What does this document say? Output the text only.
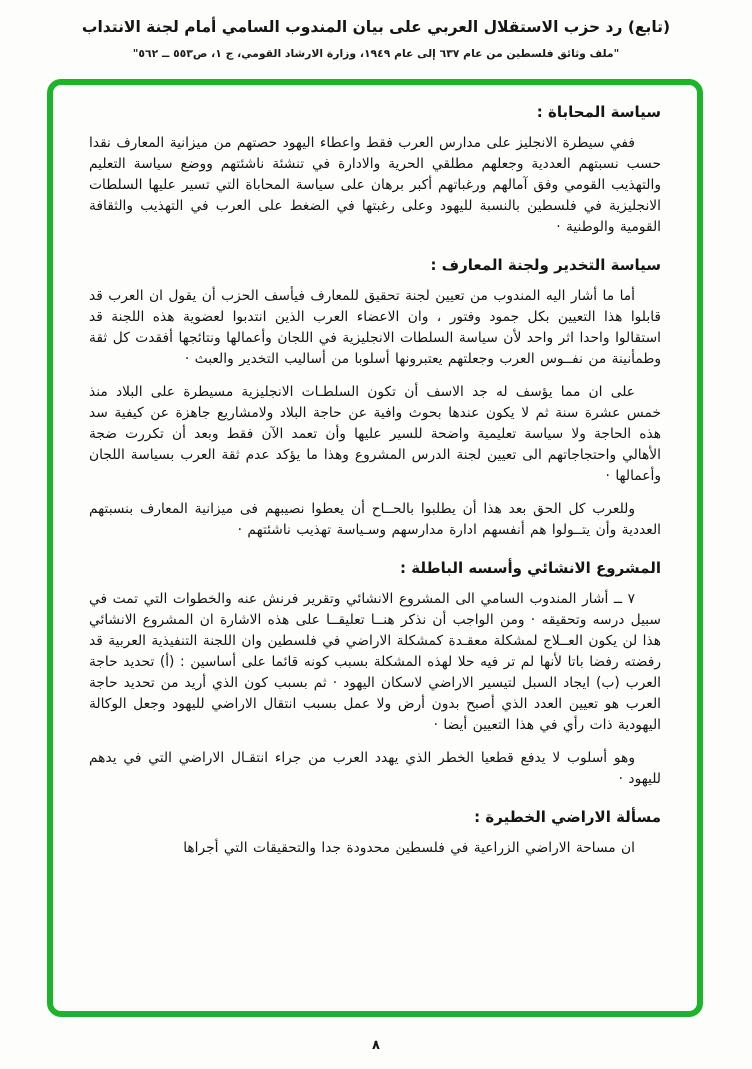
(تابع) رد حزب الاستقلال العربي على بيان المندوب السامي أمام لجنة الانتداب
"ملف وثائق فلسطين من عام ٦٣٧ إلى عام ١٩٤٩، وزارة الارشاد القومي، ج ١، ص٥٥٣ ــ ٥٦٢"
سياسة المحاباة :

ففي سيطرة الانجليز على مدارس العرب فقط واعطاء اليهود حصتهم من ميزانية المعارف نقدا حسب نسبتهم العددية وجعلهم مطلقي الحرية والادارة في تنشئة ناشئتهم ووضع سياسة التعليم والتهذيب القومي وفق آمالهم ورغباتهم أكبر برهان على سياسة المحاباة التي تسير عليها السلطات الانجليزية في فلسطين بالنسبة لليهود وعلى رغبتها في الضغط على العرب في التهذيب والثقافة القومية والوطنية ·

سياسة التخدير ولجنة المعارف :

أما ما أشار اليه المندوب من تعيين لجنة تحقيق للمعارف فيأسف الحزب أن يقول ان العرب قد قابلوا هذا التعيين بكل جمود وفتور ، وان الاعضاء العرب الذين انتدبوا لعضوية هذه اللجنة قد استقالوا واحدا اثر واحد لأن سياسة السلطات الانجليزية في اللجان وأعمالها ونتائجها أفقدت كل ثقة وطمأنينة من نفــوس العرب وجعلتهم يعتبرونها أسلوبا من أساليب التخدير والعبث ·

على ان مما يؤسف له جد الاسف أن تكون السلطـات الانجليزية مسيطرة على البلاد منذ خمس عشرة سنة ثم لا يكون عندها بحوث وافية عن حاجة البلاد ولامشاريع جاهزة عن كيفية سد هذه الحاجة ولا سياسة تعليمية واضحة للسير عليها وأن تعمد الآن فقط وبعد أن تكررت ضجة الأهالي واحتجاجاتهم الى تعيين لجنة الدرس المشروع وهذا ما يؤكد عدم ثقة العرب بسياسة اللجان وأعمالها ·

وللعرب كل الحق بعد هذا أن يطلبوا بالحــاح أن يعطوا نصيبهم فى ميزانية المعارف بنسبتهم العددية وأن يتــولوا هم أنفسهم ادارة مدارسهم وسـياسة تهذيب ناشئتهم ·

المشروع الانشائي وأسسه الباطلة :

٧ ــ أشار المندوب السامي الى المشروع الانشائي وتقرير فرنش عنه والخطوات التي تمت في سبيل درسه وتحقيقه · ومن الواجب أن نذكر هنــا تعليقــا على هذه الاشارة ان المشروع الانشائي هذا لن يكون العــلاج لمشكلة معقـدة كمشكلة الاراضي في فلسطين وان اللجنة التنفيذية العربية قد رفضته رفضا باتا لأنها لم تر فيه حلا لهذه المشكلة بسبب كونه قائما على أساسين : (أ) تحديد حاجة العرب (ب) ايجاد السبل لتيسير الاراضي لاسكان اليهود · ثم بسبب كون الذي أريد من تحديد حاجة العرب هو تعيين العدد الذي أصبح بدون أرض ولا عمل بسبب انتقال الاراضي لليهود وجعل الوكالة اليهودية ذات رأي في هذا التعيين أيضا ·

وهو أسلوب لا يدفع قطعيا الخطر الذي يهدد العرب من جراء انتقـال الاراضي التي في يدهم لليهود ·

مسألة الاراضي الخطيرة :

ان مساحة الاراضي الزراعية في فلسطين محدودة جدا والتحقيقات التي أجراها

٨
